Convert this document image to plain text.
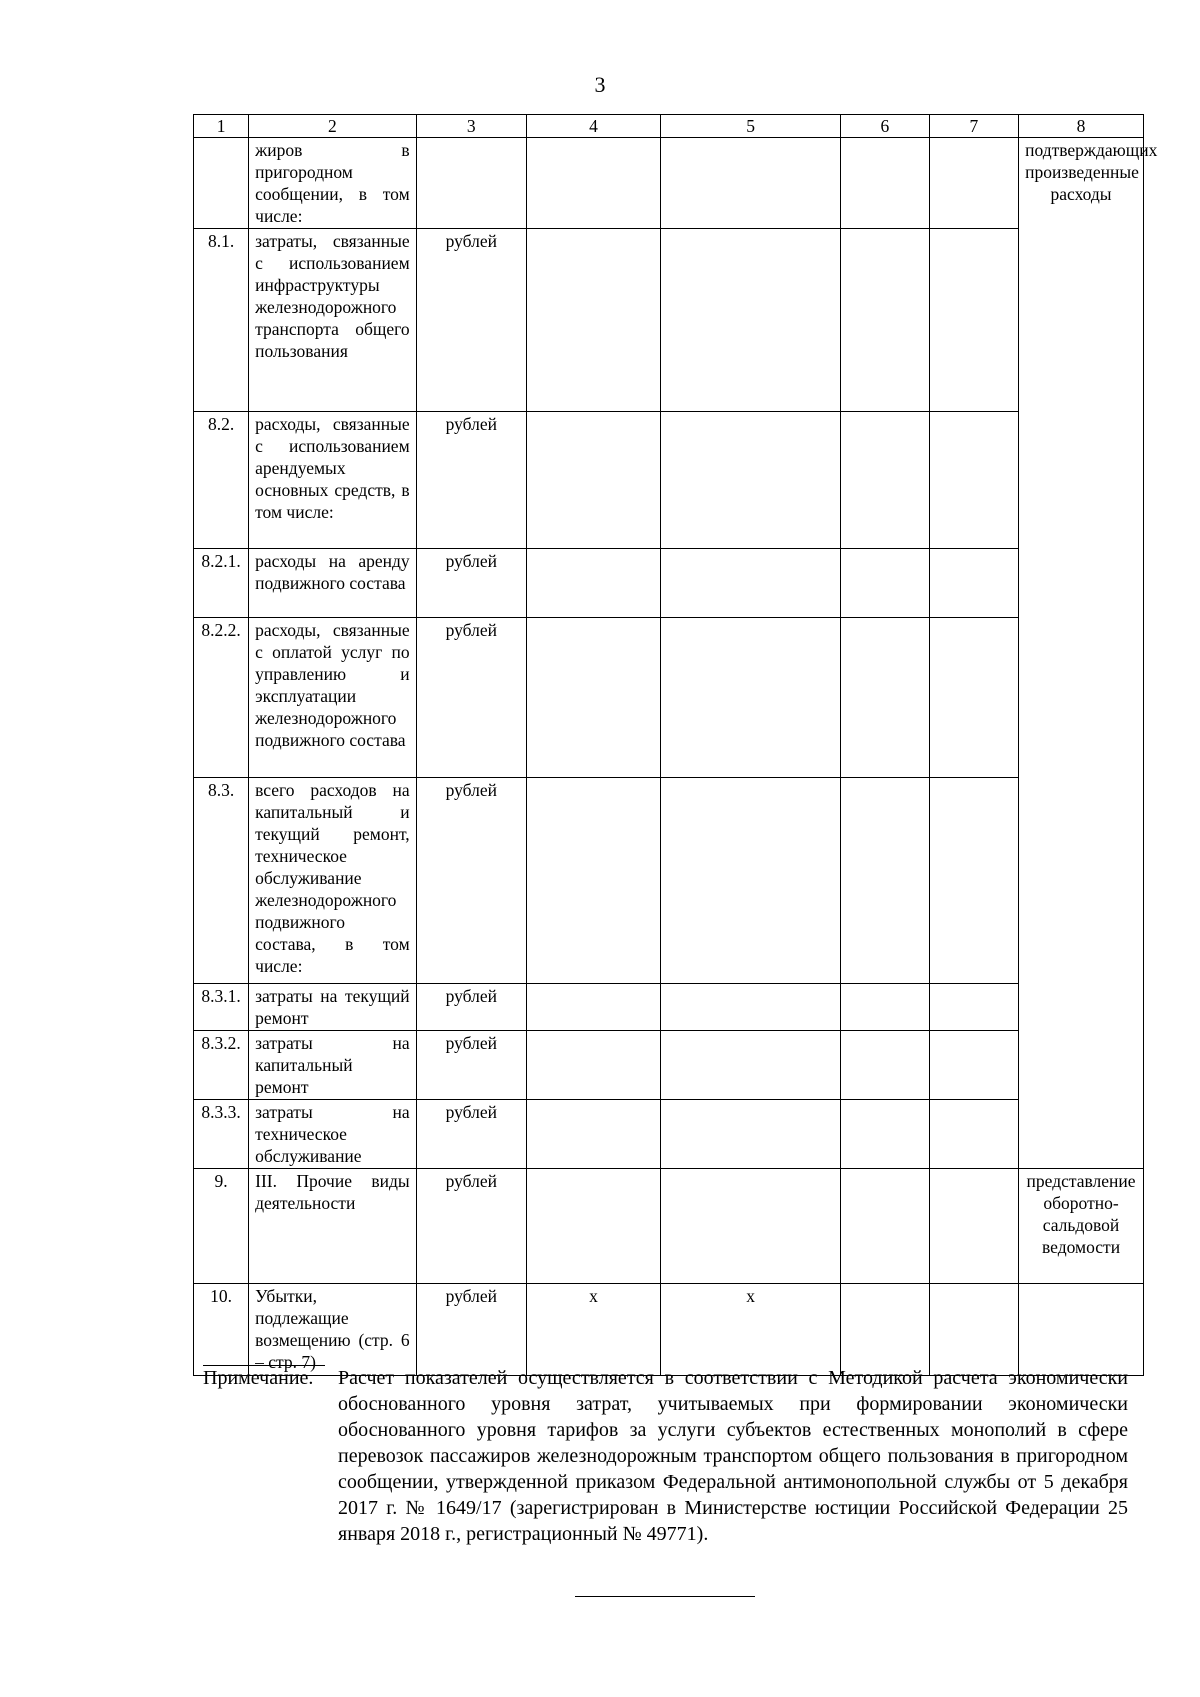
3
1	2	3	4	5	6	7	8
	жиров в пригородном сообщении, в том числе:						подтверждающих произведенные расходы
8.1.	затраты, связанные с использованием инфраструктуры железнодорожного транспорта общего пользования	рублей					
8.2.	расходы, связанные с использованием арендуемых основных средств, в том числе:	рублей					
8.2.1.	расходы на аренду подвижного состава	рублей					
8.2.2.	расходы, связанные с оплатой услуг по управлению и эксплуатации железнодорожного подвижного состава	рублей					
8.3.	всего расходов на капитальный и текущий ремонт, техническое обслуживание железнодорожного подвижного состава, в том числе:	рублей					
8.3.1.	затраты на текущий ремонт	рублей					
8.3.2.	затраты на капитальный ремонт	рублей					
8.3.3.	затраты на техническое обслуживание	рублей					
9.	III. Прочие виды деятельности	рублей					представление оборотно-сальдовой ведомости
10.	Убытки, подлежащие возмещению (стр. 6 – стр. 7)	рублей	x	x			
Примечание. Расчет показателей осуществляется в соответствии с Методикой расчета экономически обоснованного уровня затрат, учитываемых при формировании экономически обоснованного уровня тарифов за услуги субъектов естественных монополий в сфере перевозок пассажиров железнодорожным транспортом общего пользования в пригородном сообщении, утвержденной приказом Федеральной антимонопольной службы от 5 декабря 2017 г. № 1649/17 (зарегистрирован в Министерстве юстиции Российской Федерации 25 января 2018 г., регистрационный № 49771).
